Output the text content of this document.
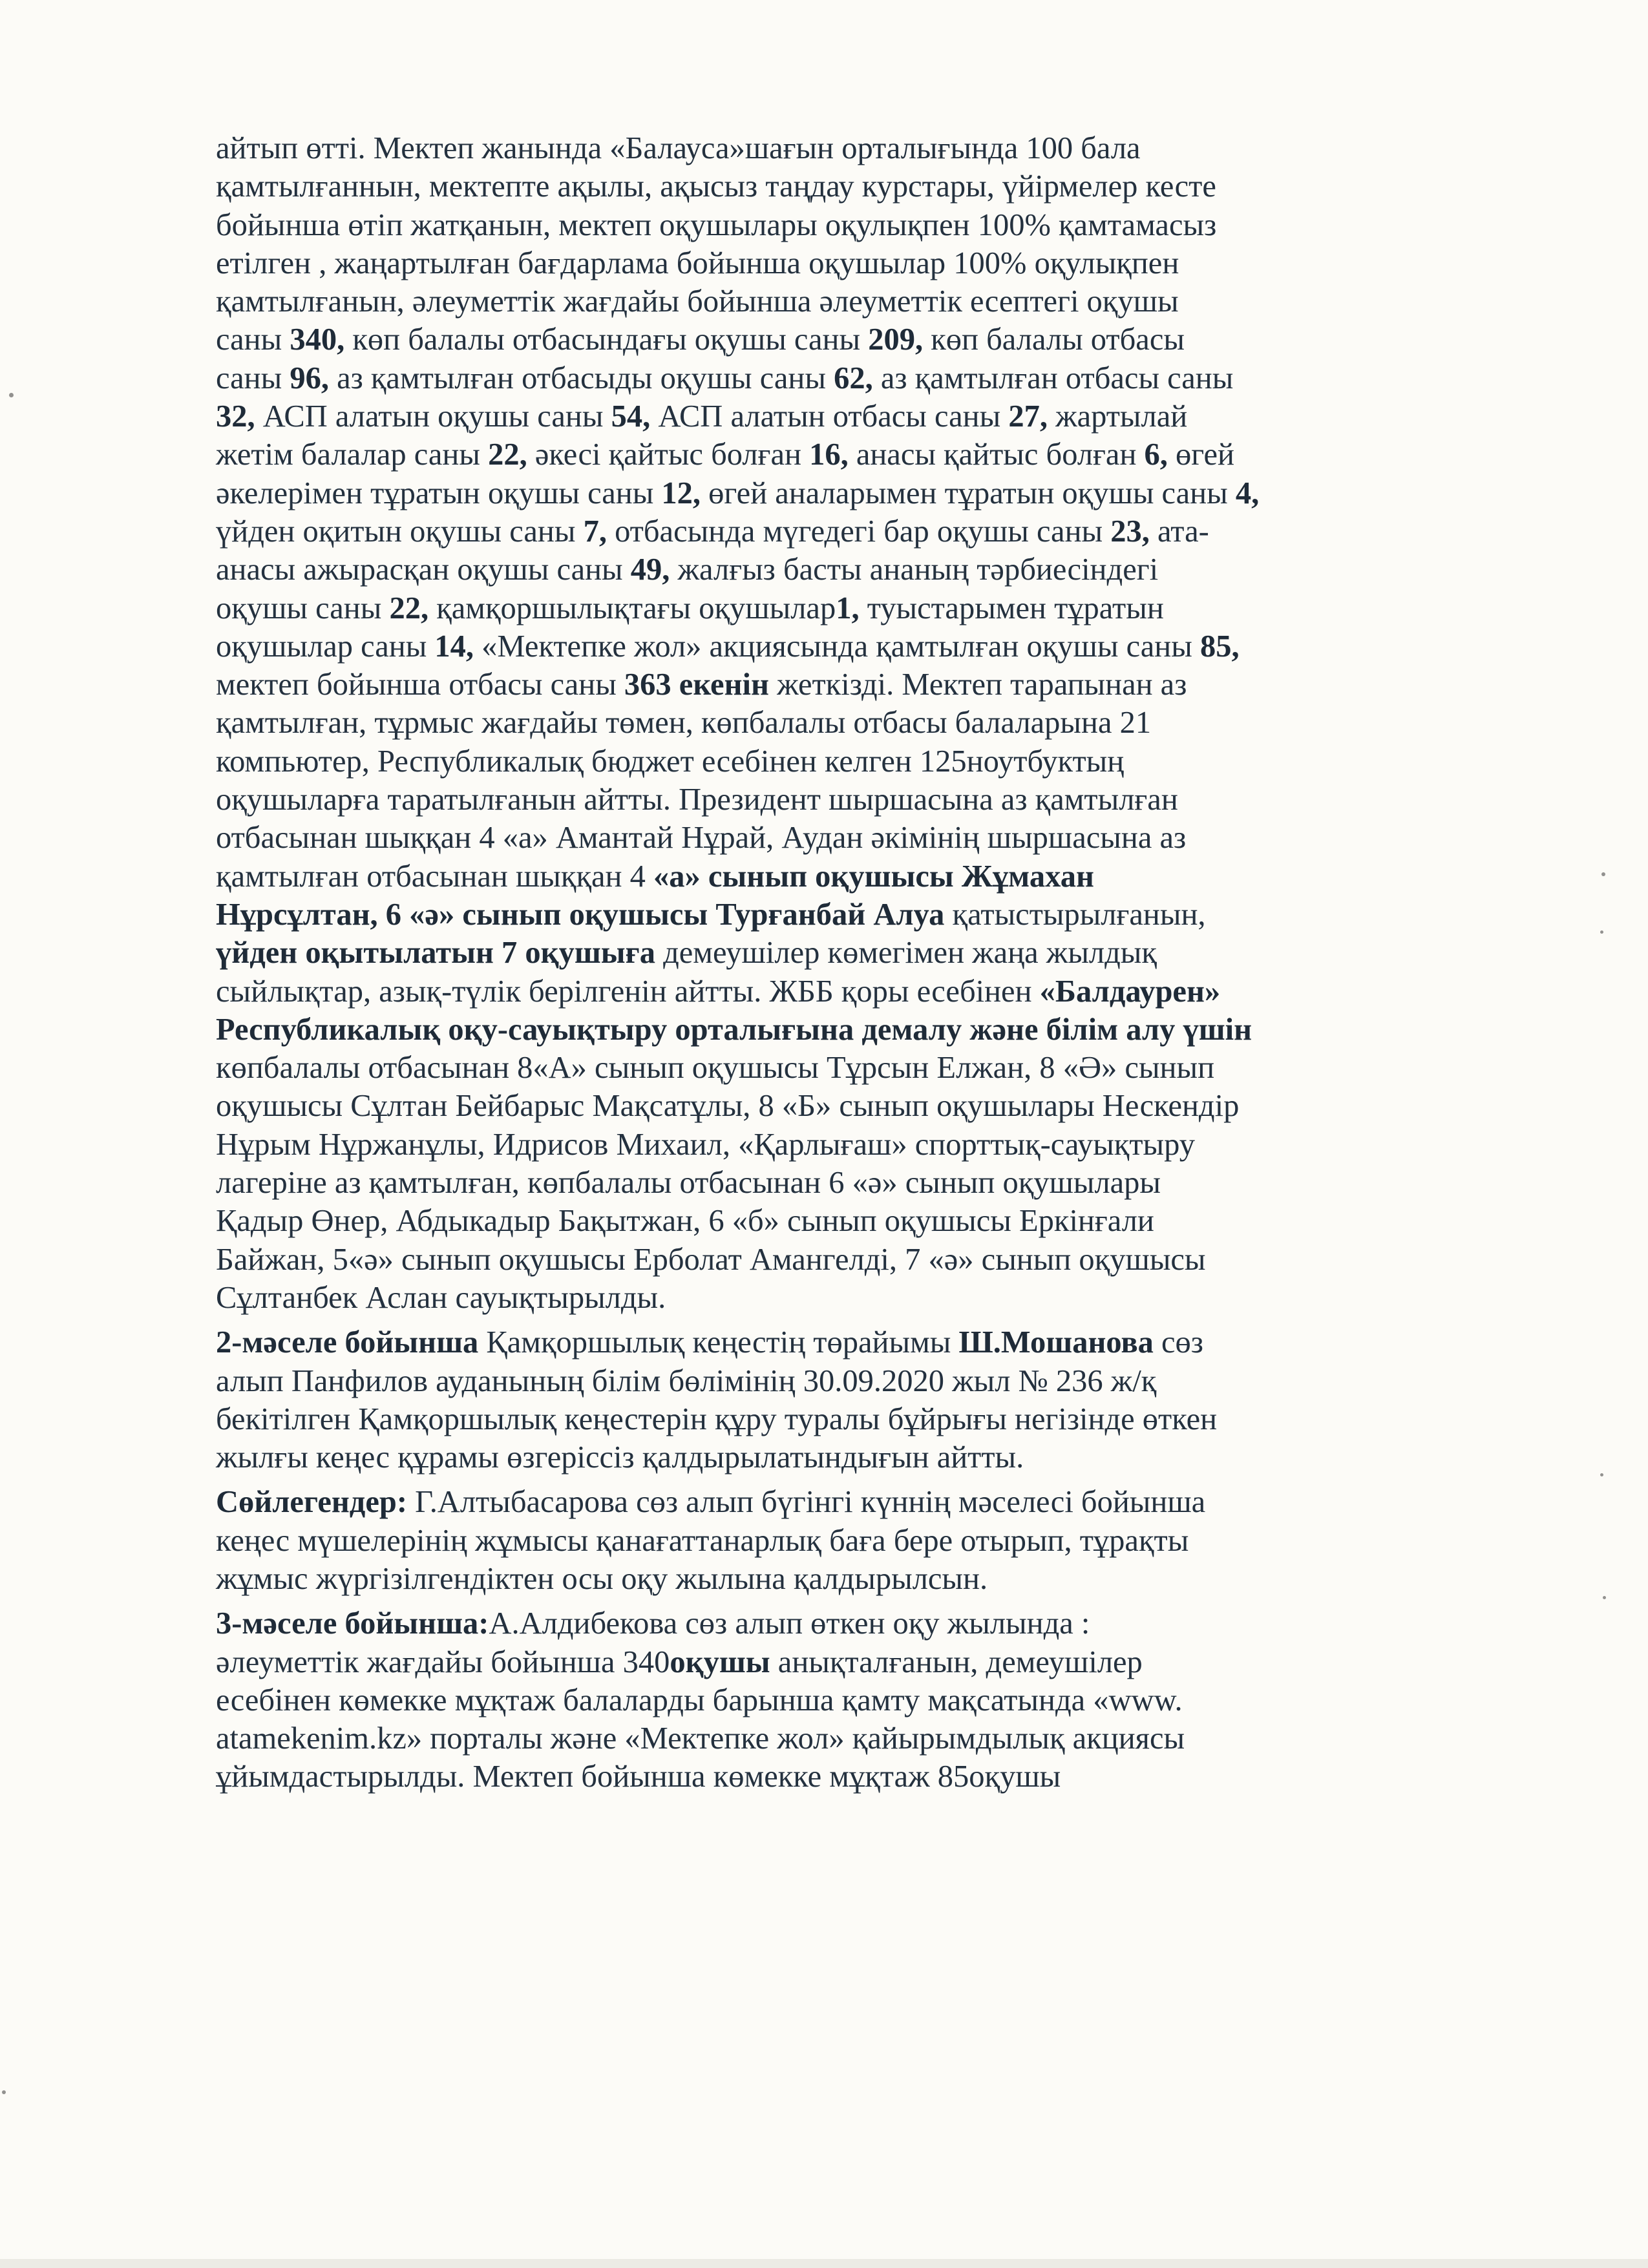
айтып өтті. Мектеп жанында «Балауса»шағын орталығында 100 бала
қамтылғаннын, мектепте ақылы, ақысыз таңдау курстары, үйірмелер кесте
бойынша өтіп жатқанын, мектеп оқушылары оқулықпен 100% қамтамасыз
етілген , жаңартылған бағдарлама бойынша оқушылар 100% оқулықпен
қамтылғанын, әлеуметтік жағдайы бойынша әлеуметтік есептегі оқушы
саны 340, көп балалы отбасындағы оқушы саны 209, көп балалы отбасы
саны 96, аз қамтылған отбасыды оқушы саны 62, аз қамтылған отбасы саны
32, АСП алатын оқушы саны 54, АСП алатын отбасы саны 27, жартылай
жетім балалар саны 22, әкесі қайтыс болған 16, анасы қайтыс болған 6, өгей
әкелерімен тұратын оқушы саны 12, өгей аналарымен тұратын оқушы саны 4,
үйден оқитын оқушы саны 7, отбасында мүгедегі бар оқушы саны 23, ата-
анасы ажырасқан оқушы саны 49, жалғыз басты ананың тәрбиесіндегі
оқушы саны 22, қамқоршылықтағы оқушылар1, туыстарымен тұратын
оқушылар саны 14, «Мектепке жол» акциясында қамтылған оқушы саны 85,
мектеп бойынша отбасы саны 363 екенін жеткізді. Мектеп тарапынан аз
қамтылған, тұрмыс жағдайы төмен, көпбалалы отбасы балаларына 21
компьютер, Республикалық бюджет есебінен келген 125ноутбуктың
оқушыларға таратылғанын айтты. Президент шыршасына аз қамтылған
отбасынан шыққан 4 «а» Амантай Нұрай, Аудан әкімінің шыршасына аз
қамтылған отбасынан шыққан 4 «а» сынып оқушысы Жұмахан
Нұрсұлтан, 6 «ә» сынып оқушысы Турғанбай Алуа қатыстырылғанын,
үйден оқытылатын 7 оқушыға демеушілер көмегімен жаңа жылдық
сыйлықтар, азық-түлік берілгенін айтты. ЖББ қоры есебінен «Балдаурен»
Республикалық оқу-сауықтыру орталығына демалу және білім алу үшін
көпбалалы отбасынан 8«А» сынып оқушысы Тұрсын Елжан, 8 «Ә» сынып
оқушысы Сұлтан Бейбарыс Мақсатұлы, 8 «Б» сынып оқушылары Нескендір
Нұрым Нұржанұлы, Идрисов Михаил, «Қарлығаш» спорттық-сауықтыру
лагеріне аз қамтылған, көпбалалы отбасынан 6 «ә» сынып оқушылары
Қадыр Өнер, Абдыкадыр Бақытжан, 6 «б» сынып оқушысы Еркінғали
Байжан, 5«ә» сынып оқушысы Ерболат Амангелді, 7 «ә» сынып оқушысы
Сұлтанбек Аслан сауықтырылды.
2-мәселе бойынша Қамқоршылық кеңестің төрайымы Ш.Мошанова сөз
алып Панфилов ауданының білім бөлімінің 30.09.2020 жыл № 236 ж/қ
бекітілген Қамқоршылық кеңестерін құру туралы бұйрығы негізінде өткен
жылғы кеңес құрамы өзгеріссіз қалдырылатындығын айтты.
Сөйлегендер: Г.Алтыбасарова сөз алып бүгінгі күннің мәселесі бойынша
кеңес мүшелерінің жұмысы қанағаттанарлық баға бере отырып, тұрақты
жұмыс жүргізілгендіктен осы оқу жылына қалдырылсын.
3-мәселе бойынша:А.Алдибекова сөз алып өткен оқу жылында :
әлеуметтік жағдайы бойынша 340оқушы анықталғанын, демеушілер
есебінен көмекке мұқтаж балаларды барынша қамту мақсатында «www.
atamekenim.kz» порталы және «Мектепке жол» қайырымдылық акциясы
ұйымдастырылды. Мектеп бойынша көмекке мұқтаж 85оқушы
